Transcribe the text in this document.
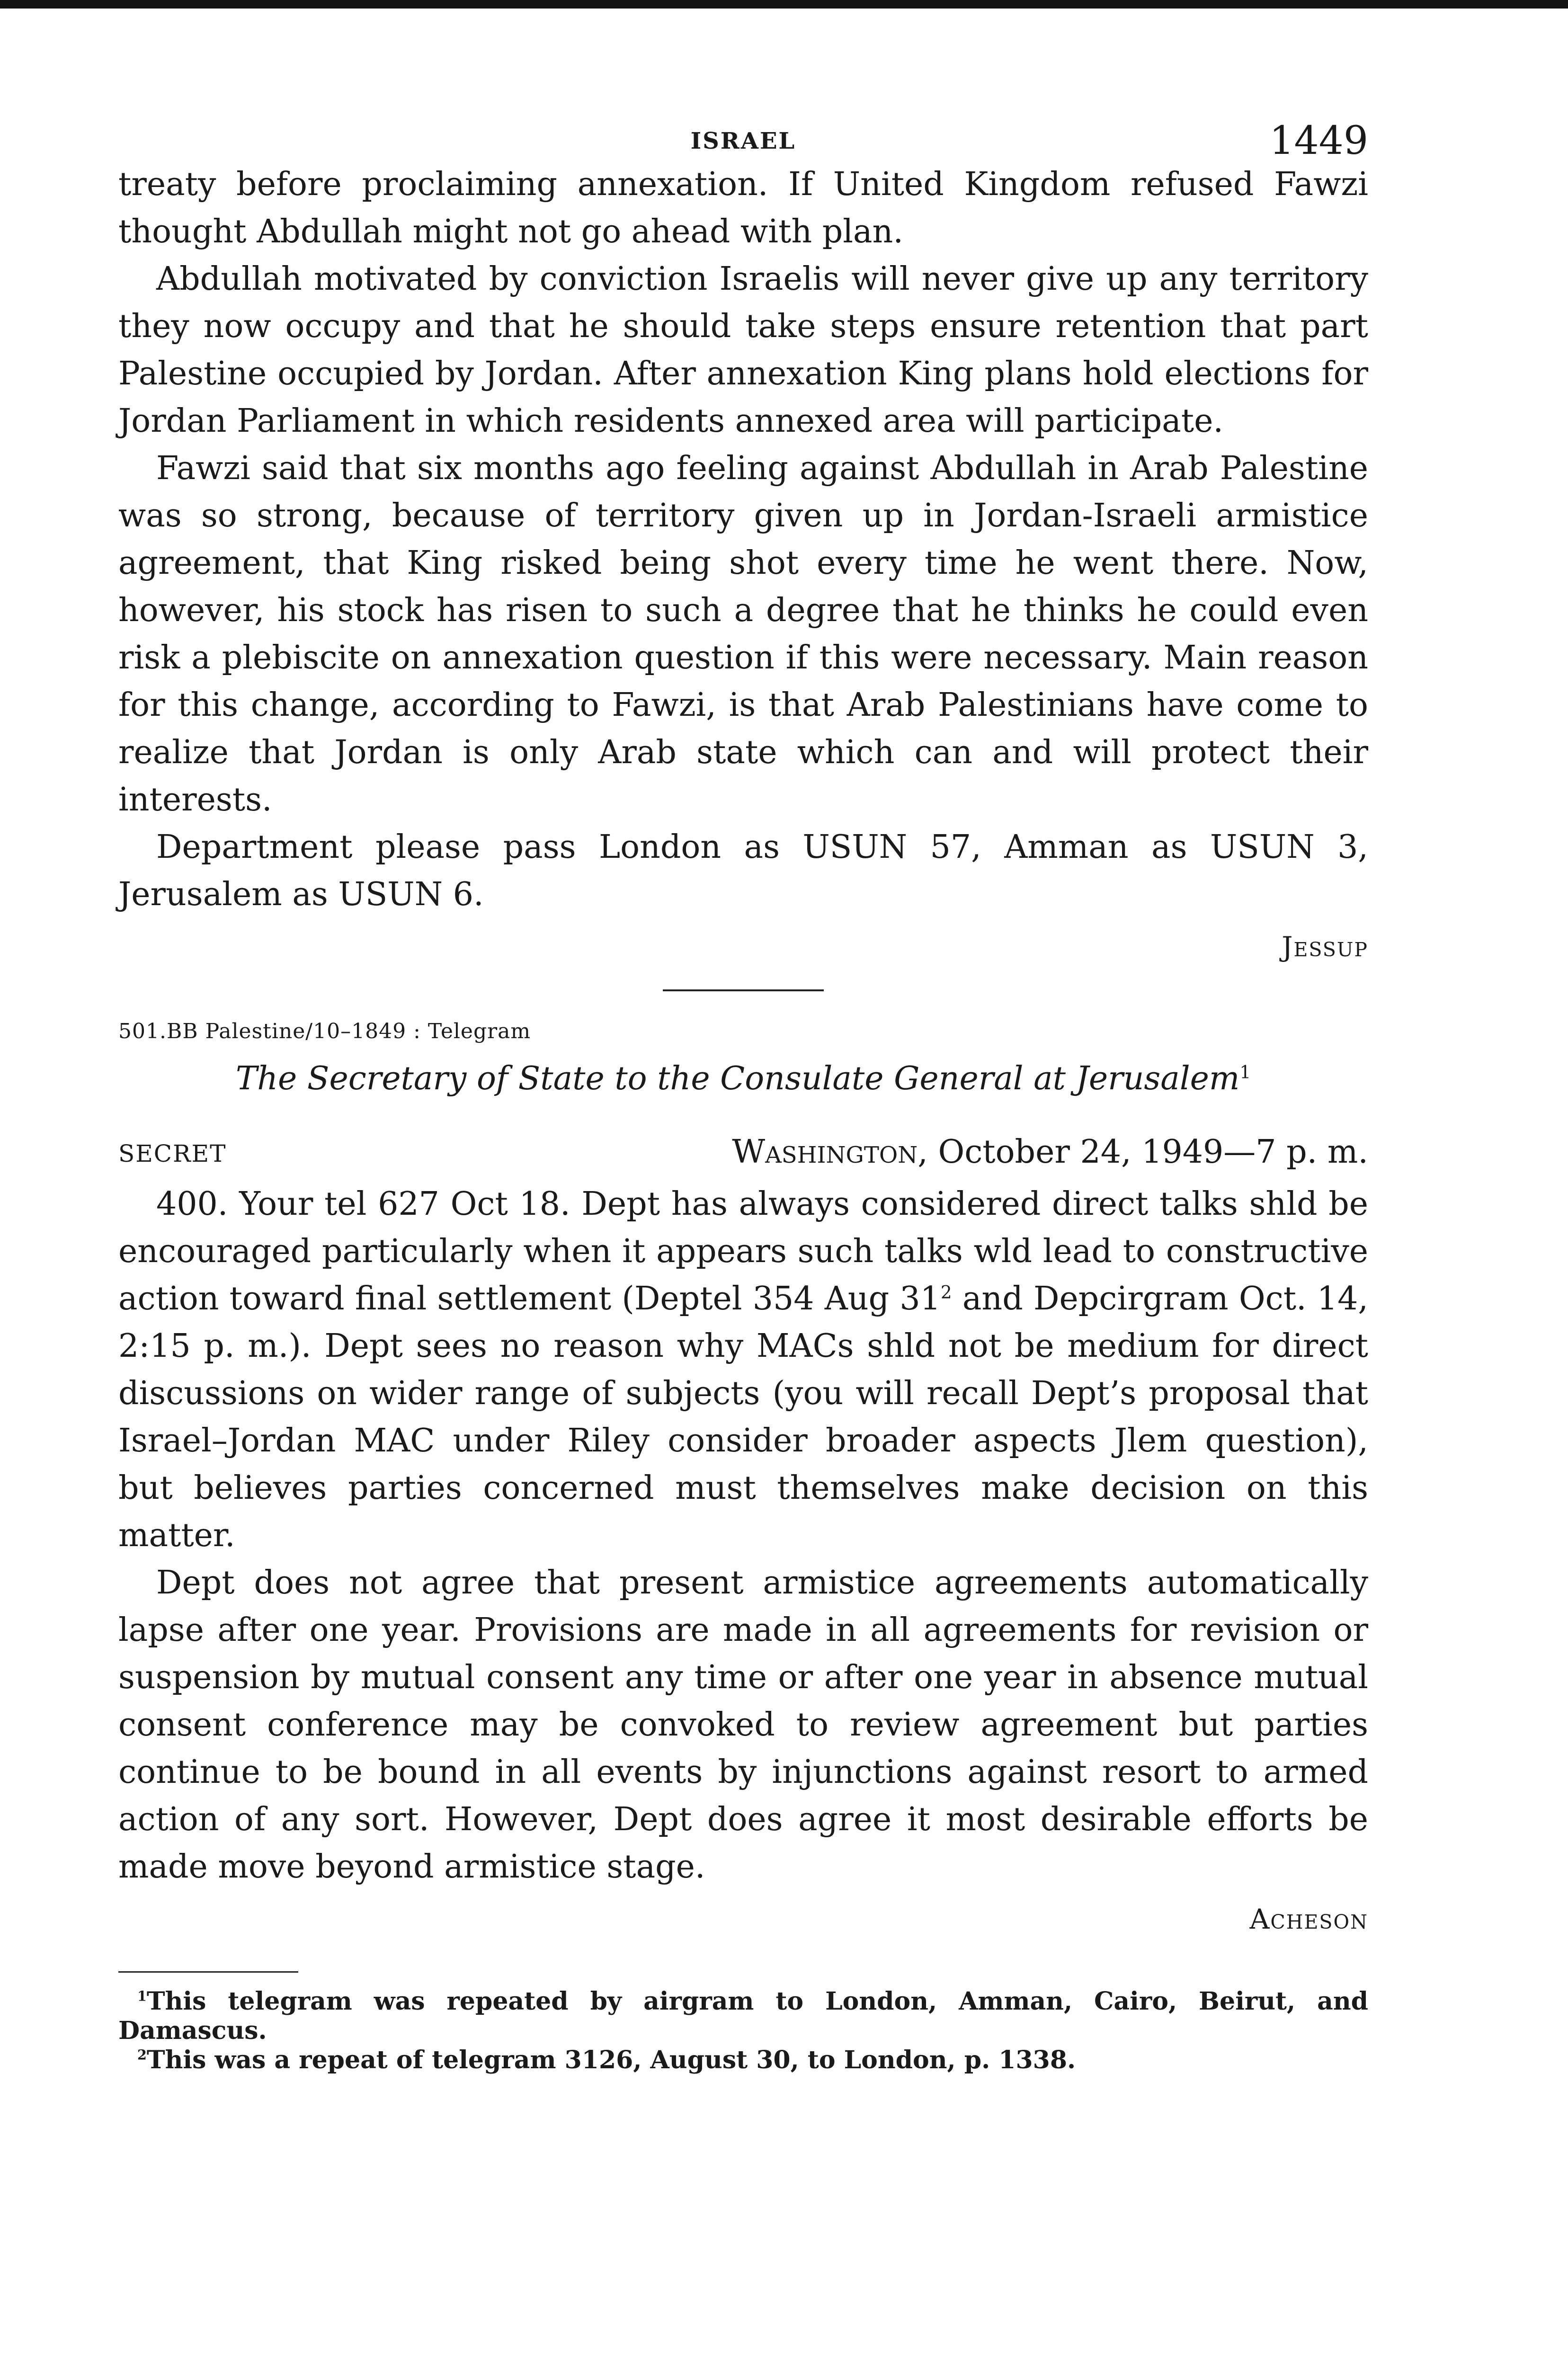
ISRAEL	1449

treaty before proclaiming annexation. If United Kingdom refused Fawzi thought Abdullah might not go ahead with plan.

Abdullah motivated by conviction Israelis will never give up any territory they now occupy and that he should take steps ensure retention that part Palestine occupied by Jordan. After annexation King plans hold elections for Jordan Parliament in which residents annexed area will participate.

Fawzi said that six months ago feeling against Abdullah in Arab Palestine was so strong, because of territory given up in Jordan-Israeli armistice agreement, that King risked being shot every time he went there. Now, however, his stock has risen to such a degree that he thinks he could even risk a plebiscite on annexation question if this were necessary. Main reason for this change, according to Fawzi, is that Arab Palestinians have come to realize that Jordan is only Arab state which can and will protect their interests.

Department please pass London as USUN 57, Amman as USUN 3, Jerusalem as USUN 6.

Jessup
501.BB Palestine/10–1849 : Telegram
The Secretary of State to the Consulate General at Jerusalem$^1$
SECRET	Washington, October 24, 1949—7 p. m.

400. Your tel 627 Oct 18. Dept has always considered direct talks shld be encouraged particularly when it appears such talks wld lead to constructive action toward final settlement (Deptel 354 Aug $31^2$ and Depcirgram Oct. 14, 2:15 p. m.). Dept sees no reason why MACs shld not be medium for direct discussions on wider range of subjects (you will recall Dept’s proposal that Israel–Jordan MAC under Riley consider broader aspects Jlem question), but believes parties concerned must themselves make decision on this matter.

Dept does not agree that present armistice agreements automatically lapse after one year. Provisions are made in all agreements for revision or suspension by mutual consent any time or after one year in absence mutual consent conference may be convoked to review agreement but parties continue to be bound in all events by injunctions against resort to armed action of any sort. However, Dept does agree it most desirable efforts be made move beyond armistice stage.

Acheson

$^1$This telegram was repeated by airgram to London, Amman, Cairo, Beirut, and Damascus.

$^2$This was a repeat of telegram 3126, August 30, to London, p. 1338.
